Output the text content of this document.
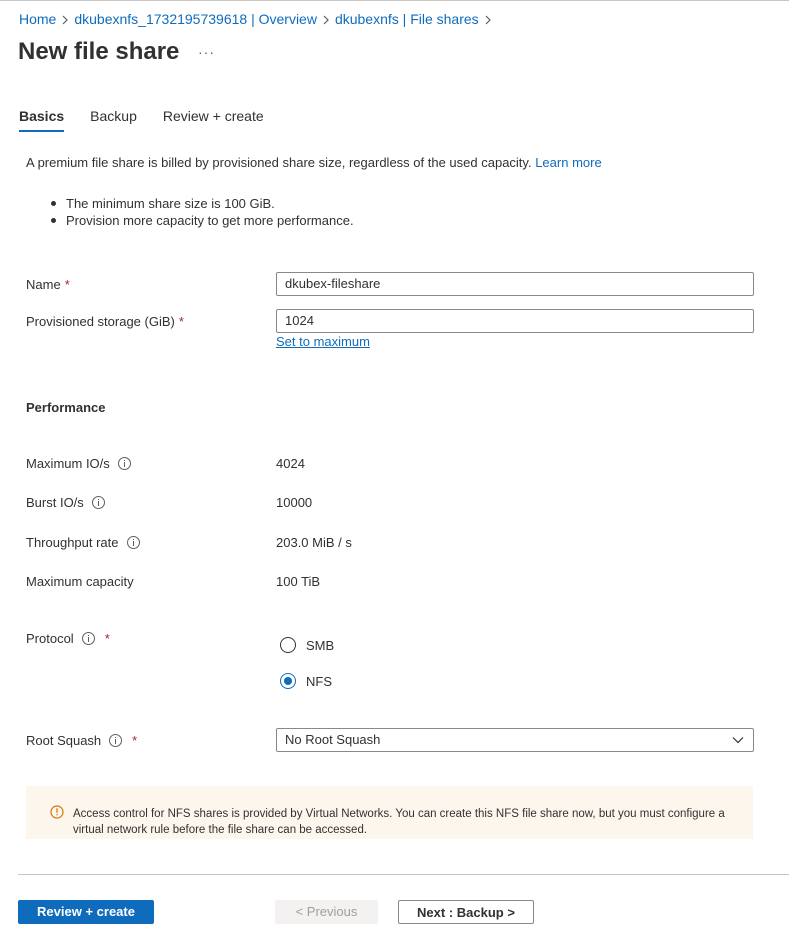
Home dkubexnfs_1732195739618 | Overview dkubexnfs | File shares
New file share ···
Basics Backup Review + create
A premium file share is billed by provisioned share size, regardless of the used capacity. Learn more
The minimum share size is 100 GiB.
Provision more capacity to get more performance.
Name *	dkubex-fileshare
Provisioned storage (GiB) *	1024
Set to maximum
Performance
Maximum IO/s	4024
Burst IO/s	10000
Throughput rate	203.0 MiB / s
Maximum capacity	100 TiB
Protocol *	SMB
NFS
Root Squash *	No Root Squash
Access control for NFS shares is provided by Virtual Networks. You can create this NFS file share now, but you must configure a virtual network rule before the file share can be accessed.
Review + create	< Previous	Next : Backup >
